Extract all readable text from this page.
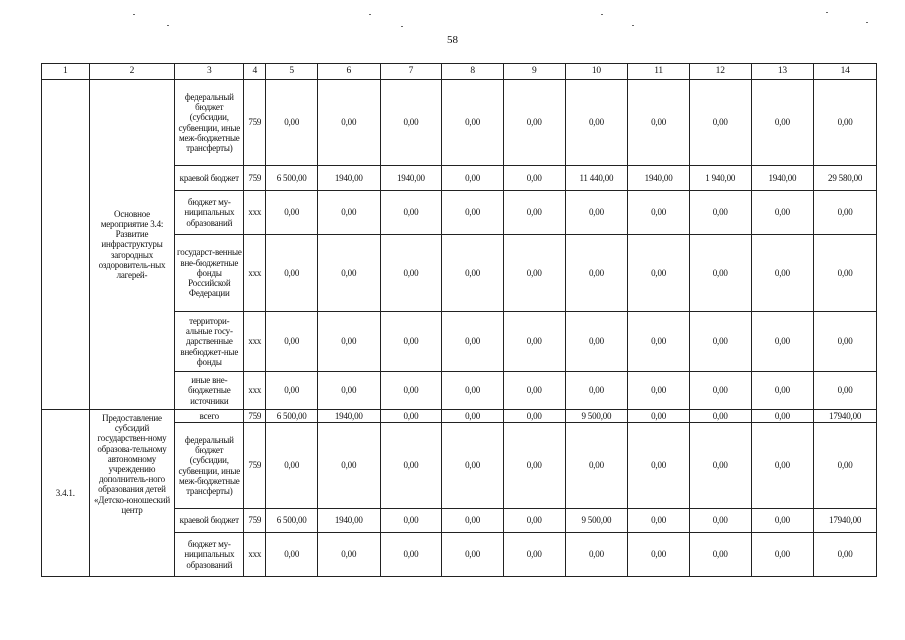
58
1	2	3	4	5	6	7	8	9	10	11	12	13	14
	Основное мероприятие 3.4: Развитие инфраструктуры загородных оздоровитель-ных лагерей-	федеральный бюджет (субсидии, субвенции, иные меж-бюджетные трансферты)	759	0,00	0,00	0,00	0,00	0,00	0,00	0,00	0,00	0,00	0,00
		краевой бюджет	759	6 500,00	1940,00	1940,00	0,00	0,00	11 440,00	1940,00	1 940,00	1940,00	29 580,00
		бюджет му-ниципальных образований	ххх	0,00	0,00	0,00	0,00	0,00	0,00	0,00	0,00	0,00	0,00
		государст-венные вне-бюджетные фонды Российской Федерации	ххх	0,00	0,00	0,00	0,00	0,00	0,00	0,00	0,00	0,00	0,00
		территори-альные госу-дарственные внебюджет-ные фонды	ххх	0,00	0,00	0,00	0,00	0,00	0,00	0,00	0,00	0,00	0,00
		иные вне-бюджетные источники	ххх	0,00	0,00	0,00	0,00	0,00	0,00	0,00	0,00	0,00	0,00
3.4.1.	Предоставление субсидий государствен-ному образова-тельному автономному учреждению дополнитель-ного образования детей «Детско-юношеский центр	всего	759	6 500,00	1940,00	0,00	0,00	0,00	9 500,00	0,00	0,00	0,00	17940,00
		федеральный бюджет (субсидии, субвенции, иные меж-бюджетные трансферты)	759	0,00	0,00	0,00	0,00	0,00	0,00	0,00	0,00	0,00	0,00
		краевой бюджет	759	6 500,00	1940,00	0,00	0,00	0,00	9 500,00	0,00	0,00	0,00	17940,00
		бюджет му-ниципальных образований	ххх	0,00	0,00	0,00	0,00	0,00	0,00	0,00	0,00	0,00	0,00
